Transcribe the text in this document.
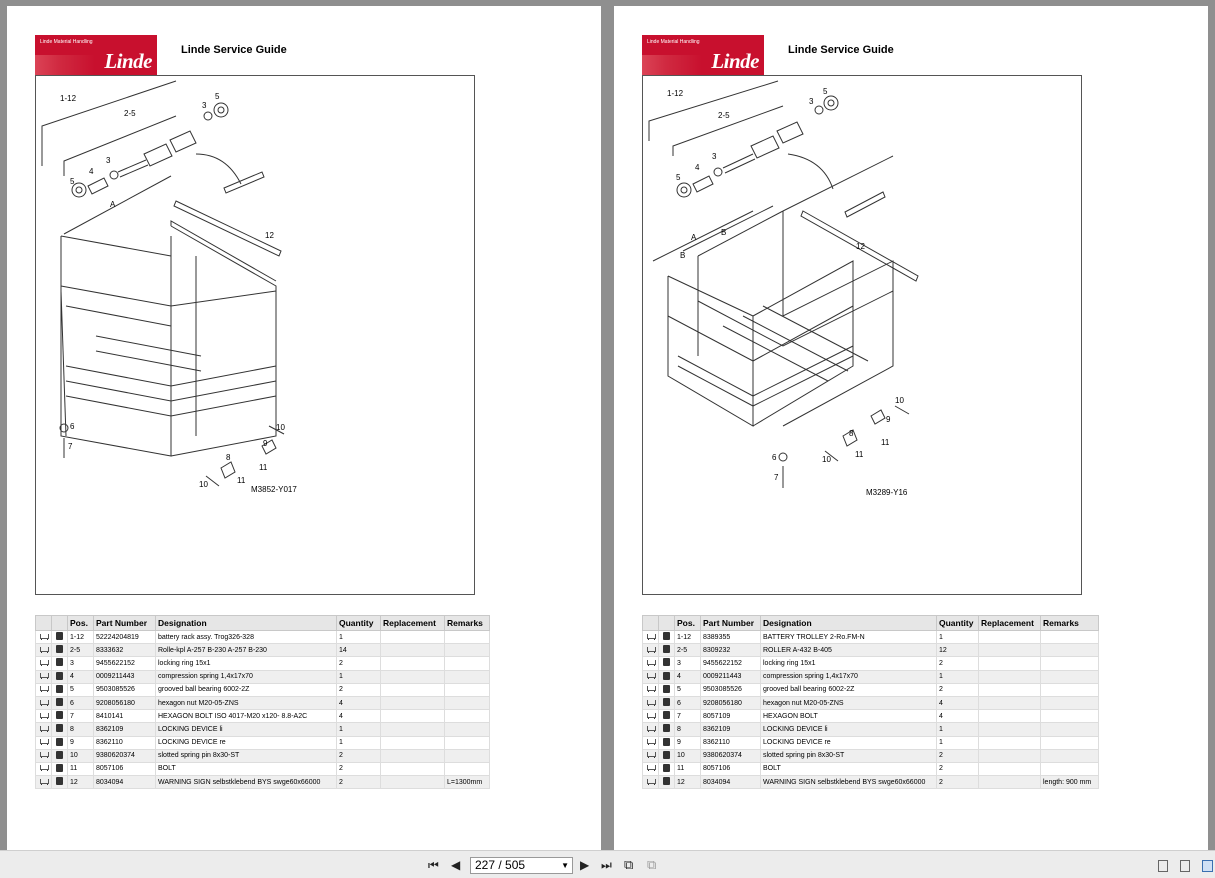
Linde Material Handling
Linde	Linde Service Guide
M3852-Y017
1-12
2-5
3
5
4
3
5
12
A
6
7
10
9
8
11
10	11
		Pos.	Part Number	Designation	Quantity	Replacement	Remarks
		1-12	52224204819	battery rack assy. Trog326-328	1		
		2-5	8333632	Rolle-kpl A-257 B-230 A-257 B-230	14		
		3	9455622152	locking ring 15x1	2		
		4	0009211443	compression spring 1,4x17x70	1		
		5	9503085526	grooved ball bearing 6002-2Z	2		
		6	9208056180	hexagon nut M20-05-ZNS	4		
		7	8410141	HEXAGON BOLT ISO 4017-M20 x120- 8.8-A2C	4		
		8	8362109	LOCKING DEVICE li	1		
		9	8362110	LOCKING DEVICE re	1		
		10	9380620374	slotted spring pin 8x30-ST	2		
		11	8057106	BOLT	2		
		12	8034094	WARNING SIGN selbstklebend BYS swge60x66000	2		L=1300mm
Linde Material Handling
Linde	Linde Service Guide
M3289-Y16
1-12
2-5
5
3
3
4
5
A
B
B
12
10
9
8
11
6	10
11
7
		Pos.	Part Number	Designation	Quantity	Replacement	Remarks
		1-12	8389355	BATTERY TROLLEY 2-Ro.FM-N	1		
		2-5	8309232	ROLLER A-432 B-405	12		
		3	9455622152	locking ring 15x1	2		
		4	0009211443	compression spring 1,4x17x70	1		
		5	9503085526	grooved ball bearing 6002-2Z	2		
		6	9208056180	hexagon nut M20-05-ZNS	4		
		7	8057109	HEXAGON BOLT	4		
		8	8362109	LOCKING DEVICE li	1		
		9	8362110	LOCKING DEVICE re	1		
		10	9380620374	slotted spring pin 8x30-ST	2		
		11	8057106	BOLT	2		
		12	8034094	WARNING SIGN selbstklebend BYS swge60x66000	2		length: 900 mm
⏮ ◀	227 / 505	▼ ▶ ⏭ ⧉ ⧉
